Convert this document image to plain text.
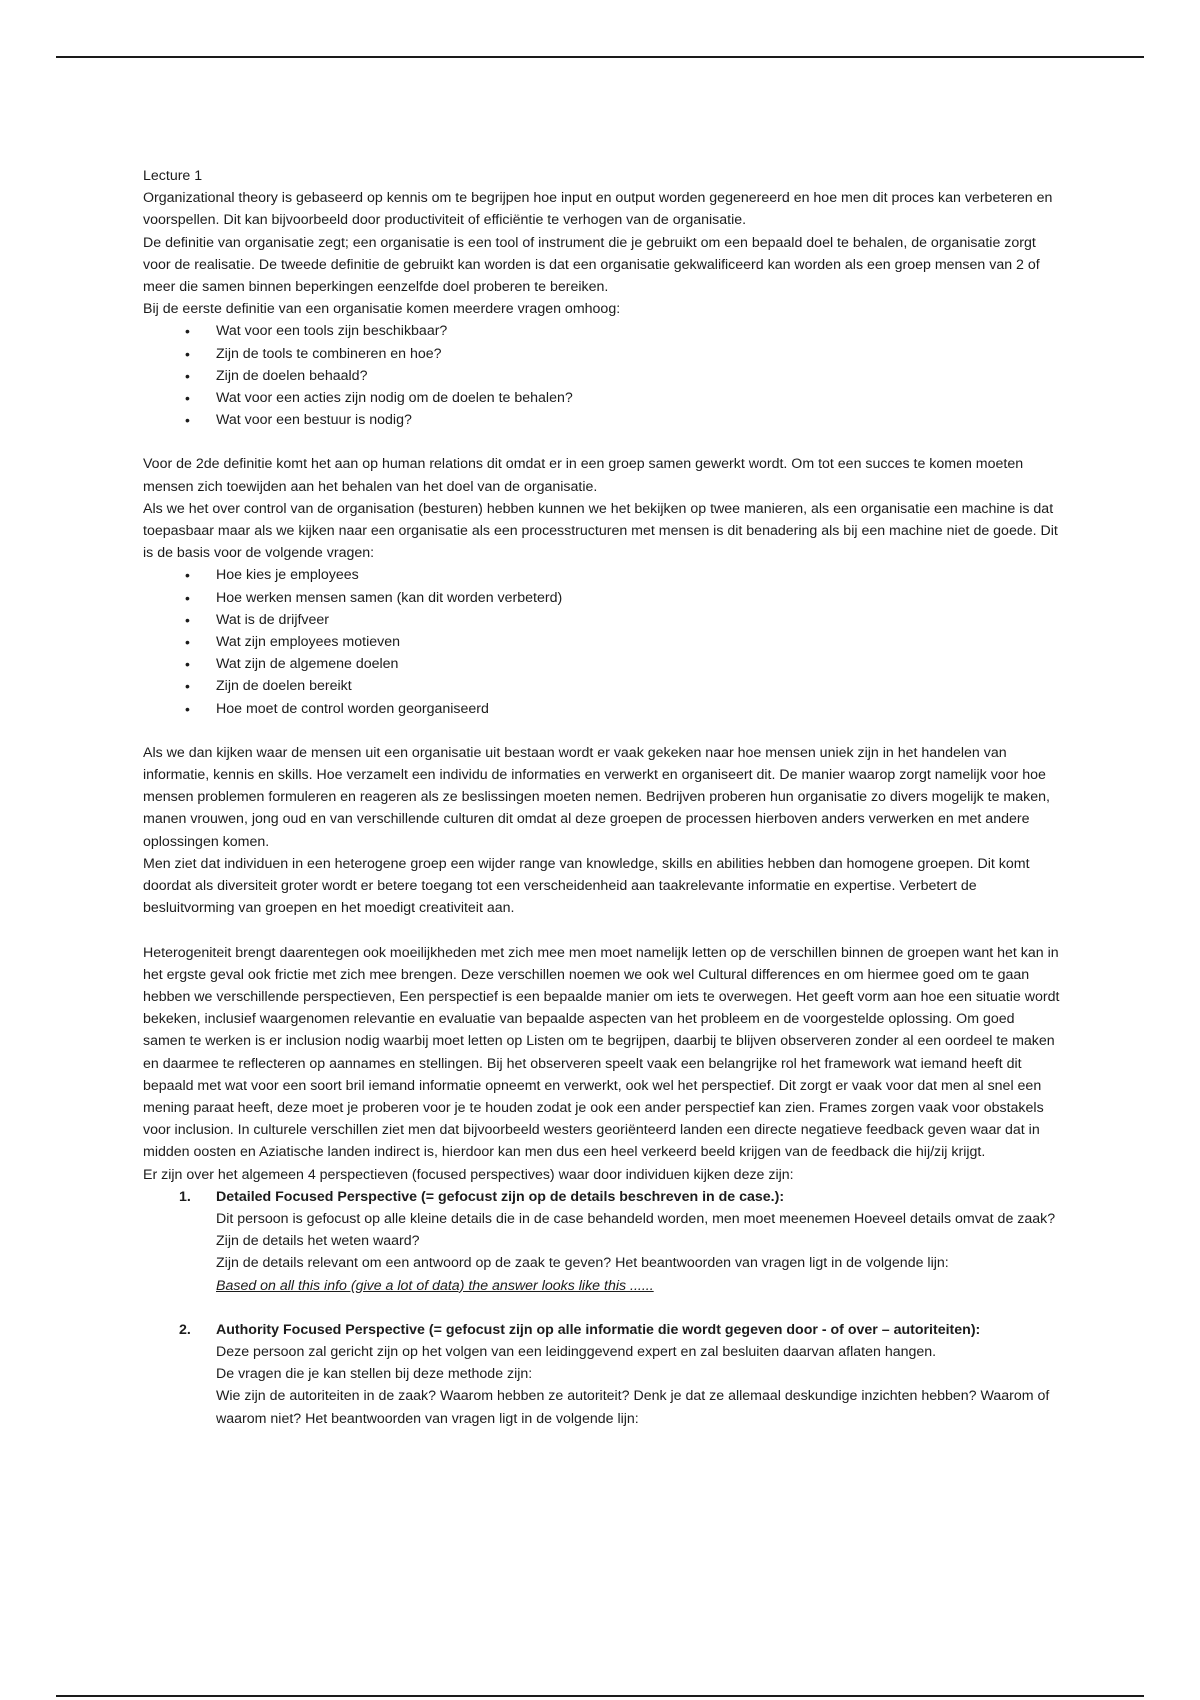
Lecture 1

Organizational theory is gebaseerd op kennis om te begrijpen hoe input en output worden gegenereerd en hoe men dit proces kan verbeteren en voorspellen. Dit kan bijvoorbeeld door productiviteit of efficiëntie te verhogen van de organisatie.

De definitie van organisatie zegt; een organisatie is een tool of instrument die je gebruikt om een bepaald doel te behalen, de organisatie zorgt voor de realisatie. De tweede definitie de gebruikt kan worden is dat een organisatie gekwalificeerd kan worden als een groep mensen van 2 of meer die samen binnen beperkingen eenzelfde doel proberen te bereiken.

Bij de eerste definitie van een organisatie komen meerdere vragen omhoog:

• Wat voor een tools zijn beschikbaar?
• Zijn de tools te combineren en hoe?
• Zijn de doelen behaald?
• Wat voor een acties zijn nodig om de doelen te behalen?
• Wat voor een bestuur is nodig?

Voor de 2de definitie komt het aan op human relations dit omdat er in een groep samen gewerkt wordt. Om tot een succes te komen moeten mensen zich toewijden aan het behalen van het doel van de organisatie.

Als we het over control van de organisation (besturen) hebben kunnen we het bekijken op twee manieren, als een organisatie een machine is dat toepasbaar maar als we kijken naar een organisatie als een processtructuren met mensen is dit benadering als bij een machine niet de goede. Dit is de basis voor de volgende vragen:

• Hoe kies je employees
• Hoe werken mensen samen (kan dit worden verbeterd)
• Wat is de drijfveer
• Wat zijn employees motieven
• Wat zijn de algemene doelen
• Zijn de doelen bereikt
• Hoe moet de control worden georganiseerd

Als we dan kijken waar de mensen uit een organisatie uit bestaan wordt er vaak gekeken naar hoe mensen uniek zijn in het handelen van informatie, kennis en skills. Hoe verzamelt een individu de informaties en verwerkt en organiseert dit. De manier waarop zorgt namelijk voor hoe mensen problemen formuleren en reageren als ze beslissingen moeten nemen. Bedrijven proberen hun organisatie zo divers mogelijk te maken, manen vrouwen, jong oud en van verschillende culturen dit omdat al deze groepen de processen hierboven anders verwerken en met andere oplossingen komen.

Men ziet dat individuen in een heterogene groep een wijder range van knowledge, skills en abilities hebben dan homogene groepen. Dit komt doordat als diversiteit groter wordt er betere toegang tot een verscheidenheid aan taakrelevante informatie en expertise. Verbetert de besluitvorming van groepen en het moedigt creativiteit aan.

Heterogeniteit brengt daarentegen ook moeilijkheden met zich mee men moet namelijk letten op de verschillen binnen de groepen want het kan in het ergste geval ook frictie met zich mee brengen. Deze verschillen noemen we ook wel Cultural differences en om hiermee goed om te gaan hebben we verschillende perspectieven, Een perspectief is een bepaalde manier om iets te overwegen. Het geeft vorm aan hoe een situatie wordt bekeken, inclusief waargenomen relevantie en evaluatie van bepaalde aspecten van het probleem en de voorgestelde oplossing. Om goed samen te werken is er inclusion nodig waarbij moet letten op Listen om te begrijpen, daarbij te blijven observeren zonder al een oordeel te maken en daarmee te reflecteren op aannames en stellingen. Bij het observeren speelt vaak een belangrijke rol het framework wat iemand heeft dit bepaald met wat voor een soort bril iemand informatie opneemt en verwerkt, ook wel het perspectief. Dit zorgt er vaak voor dat men al snel een mening paraat heeft, deze moet je proberen voor je te houden zodat je ook een ander perspectief kan zien. Frames zorgen vaak voor obstakels voor inclusion. In culturele verschillen ziet men dat bijvoorbeeld westers georiënteerd landen een directe negatieve feedback geven waar dat in midden oosten en Aziatische landen indirect is, hierdoor kan men dus een heel verkeerd beeld krijgen van de feedback die hij/zij krijgt.

Er zijn over het algemeen 4 perspectieven (focused perspectives) waar door individuen kijken deze zijn:

1. Detailed Focused Perspective (= gefocust zijn op de details beschreven in de case.):
Dit persoon is gefocust op alle kleine details die in de case behandeld worden, men moet meenemen Hoeveel details omvat de zaak? Zijn de details het weten waard?
Zijn de details relevant om een antwoord op de zaak te geven? Het beantwoorden van vragen ligt in de volgende lijn:
Based on all this info (give a lot of data) the answer looks like this ......
2. Authority Focused Perspective (= gefocust zijn op alle informatie die wordt gegeven door - of over – autoriteiten):
Deze persoon zal gericht zijn op het volgen van een leidinggevend expert en zal besluiten daarvan aflaten hangen.
De vragen die je kan stellen bij deze methode zijn:
Wie zijn de autoriteiten in de zaak? Waarom hebben ze autoriteit? Denk je dat ze allemaal deskundige inzichten hebben? Waarom of waarom niet? Het beantwoorden van vragen ligt in de volgende lijn:
